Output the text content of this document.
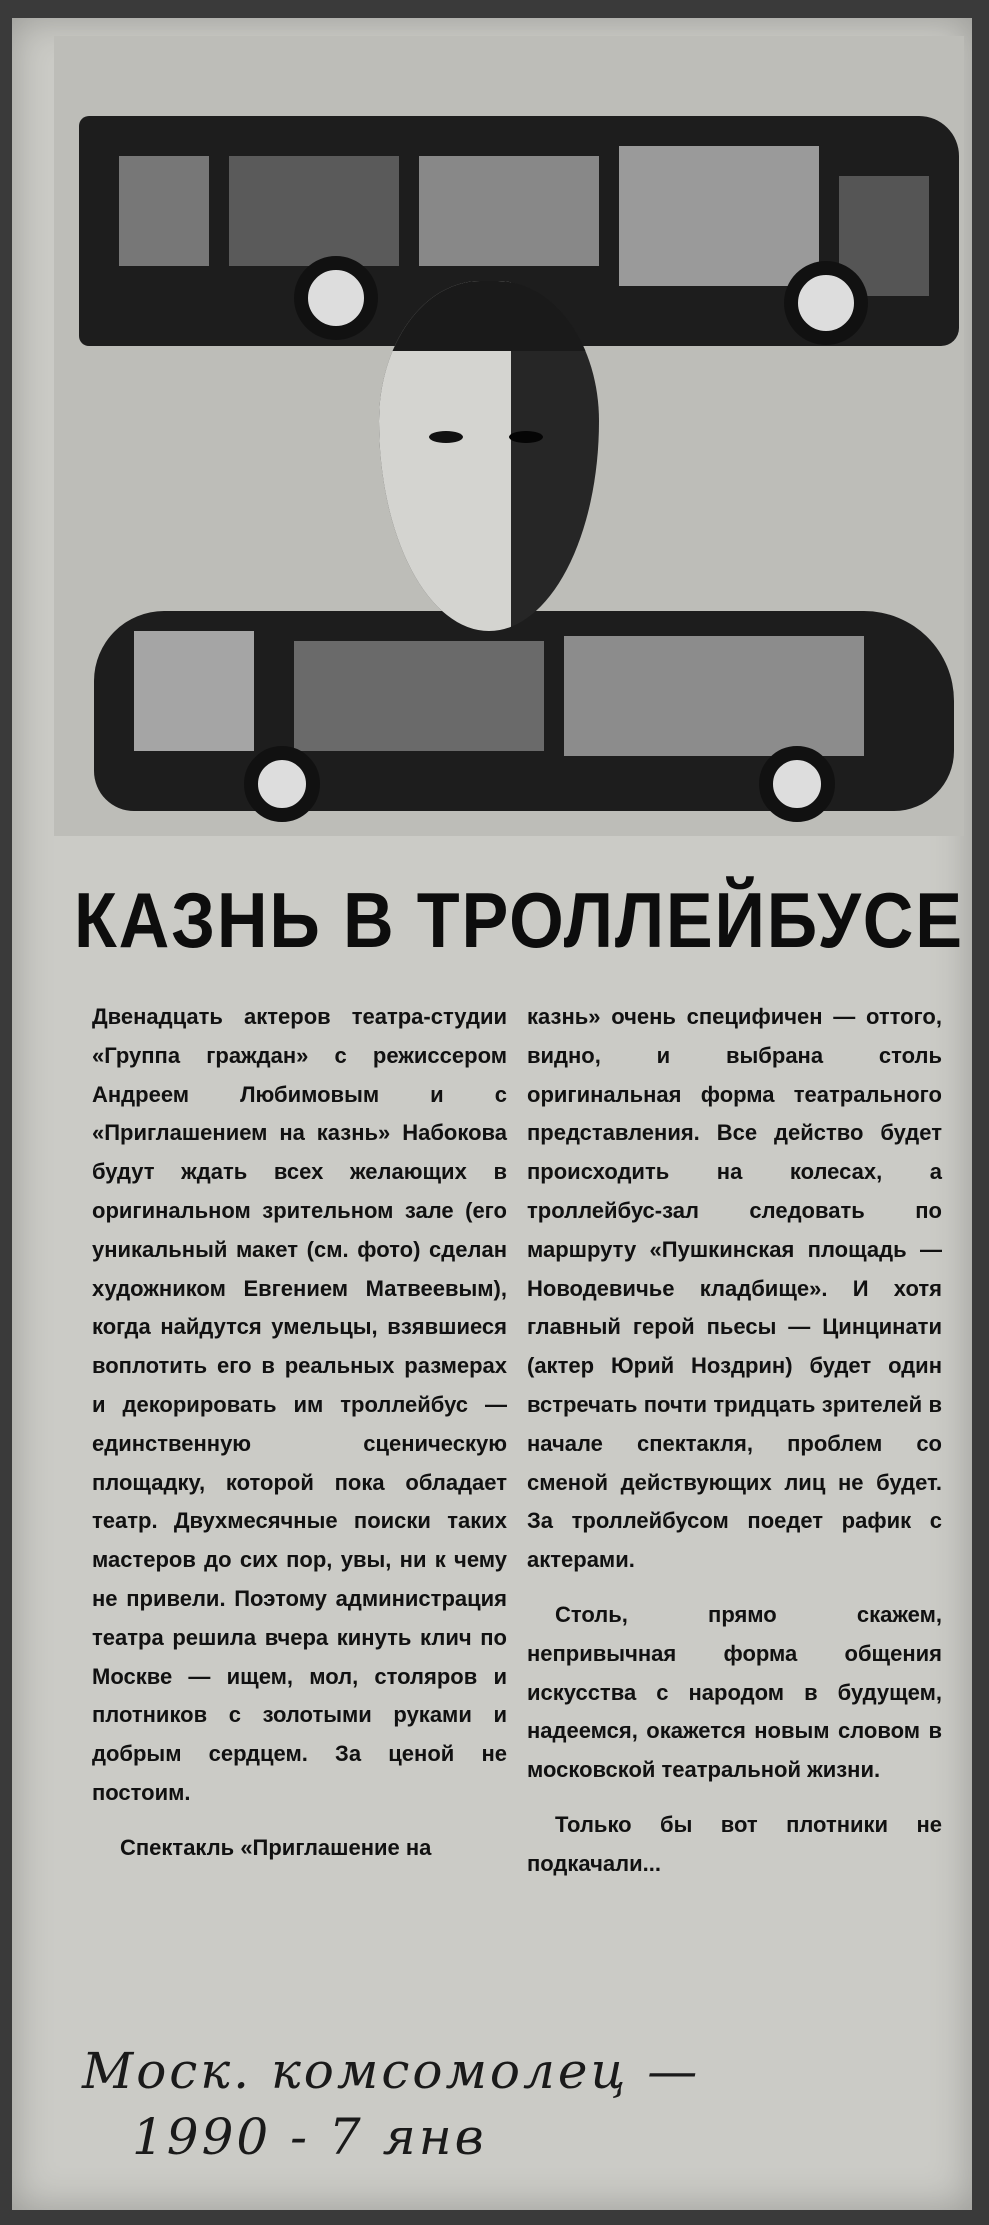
КАЗНЬ В ТРОЛЛЕЙБУСЕ

Двенадцать актеров театра-студии «Группа граждан» с режиссером Андреем Любимовым и с «Приглашением на казнь» Набокова будут ждать всех желающих в оригинальном зрительном зале (его уникальный макет (см. фото) сделан художником Евгением Матвеевым), когда найдутся умельцы, взявшиеся воплотить его в реальных размерах и декорировать им троллейбус — единственную сценическую площадку, которой пока обладает театр. Двухмесячные поиски таких мастеров до сих пор, увы, ни к чему не привели. Поэтому администрация театра решила вчера кинуть клич по Москве — ищем, мол, столяров и плотников с золотыми руками и добрым сердцем. За ценой не постоим.

Спектакль «Приглашение на

казнь» очень специфичен — оттого, видно, и выбрана столь оригинальная форма театрального представления. Все действо будет происходить на колесах, а троллейбус-зал следовать по маршруту «Пушкинская площадь — Новодевичье кладбище». И хотя главный герой пьесы — Цинцинати (актер Юрий Ноздрин) будет один встречать почти тридцать зрителей в начале спектакля, проблем со сменой действующих лиц не будет. За троллейбусом поедет рафик с актерами.

Столь, прямо скажем, непривычная форма общения искусства с народом в будущем, надеемся, окажется новым словом в московской театральной жизни.

Только бы вот плотники не подкачали...

Моск. комсомолец —
1990 - 7 янв
